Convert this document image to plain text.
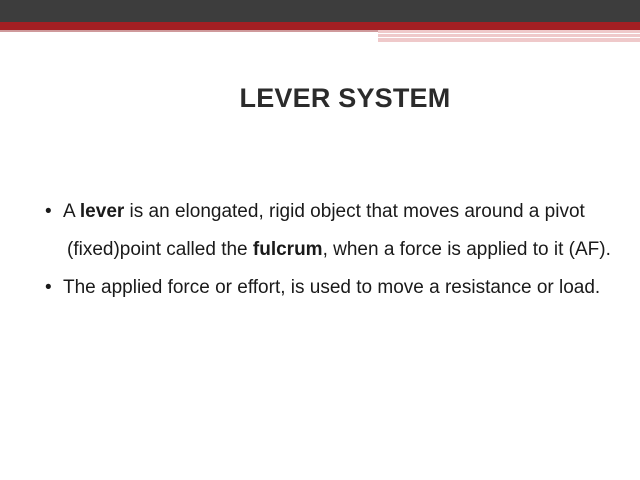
LEVER SYSTEM

• A lever is an elongated, rigid object that moves around a pivot (fixed)point called the fulcrum, when a force is applied to it (AF).

• The applied force or effort, is used to move a resistance or load.
